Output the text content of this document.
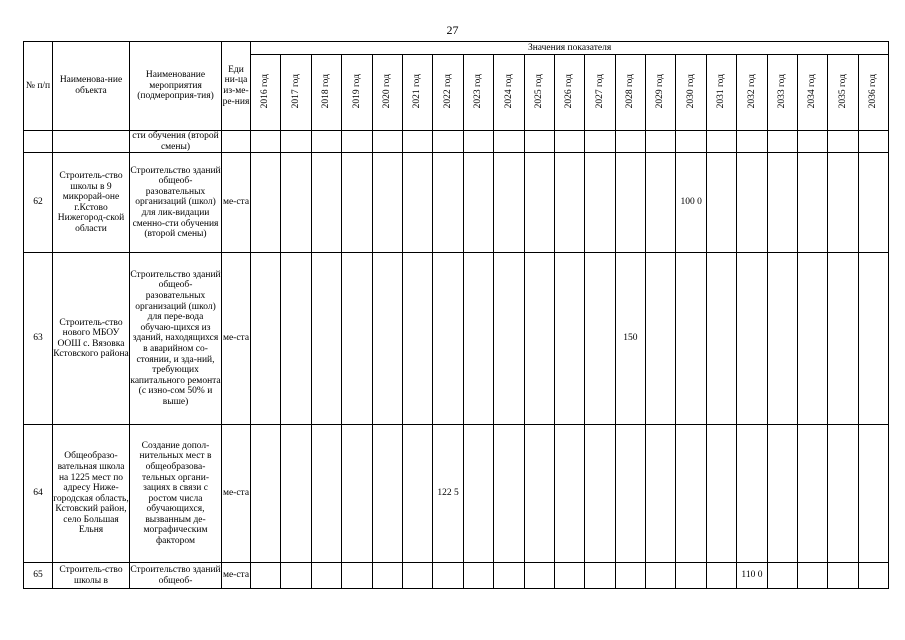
27
№ п/п	Наименова-ние объекта	Наименование мероприятия (подмероприя-тия)	Еди ни-ца из-ме-ре-ния	Значения показателя																				
				2016 год	2017 год	2018 год	2019 год	2020 год	2021 год	2022 год	2023 год	2024 год	2025 год	2026 год	2027 год	2028 год	2029 год	2030 год	2031 год	2032 год	2033 год	2034 год	2035 год	2036 год
		сти обучения (второй смены)																						
62	Строитель-ство школы в 9 микрорай-оне г.Кстово Нижегород-ской области	Строительство зданий общеоб-разовательных организаций (школ) для лик-видации сменно-сти обучения (второй смены)	ме-ста															100 0						
63	Строитель-ство нового МБОУ ООШ с. Вязовка Кстовского района	Строительство зданий общеоб-разовательных организаций (школ) для пере-вода обучаю-щихся из зданий, находящихся в аварийном со-стоянии, и зда-ний, требующих капитального ремонта (с изно-сом 50% и выше)	ме-ста													150								
64	Общеобразо-вательная школа на 1225 мест по адресу Ниже-городская область, Кстовский район, село Большая Ельня	Создание допол-нительных мест в общеобразова-тельных органи-зациях в связи с ростом числа обучающихся, вызванным де-мографическим фактором	ме-ста							122 5														
65	Строитель-ство школы в	Строительство зданий общеоб-	ме-ста																	110 0				
